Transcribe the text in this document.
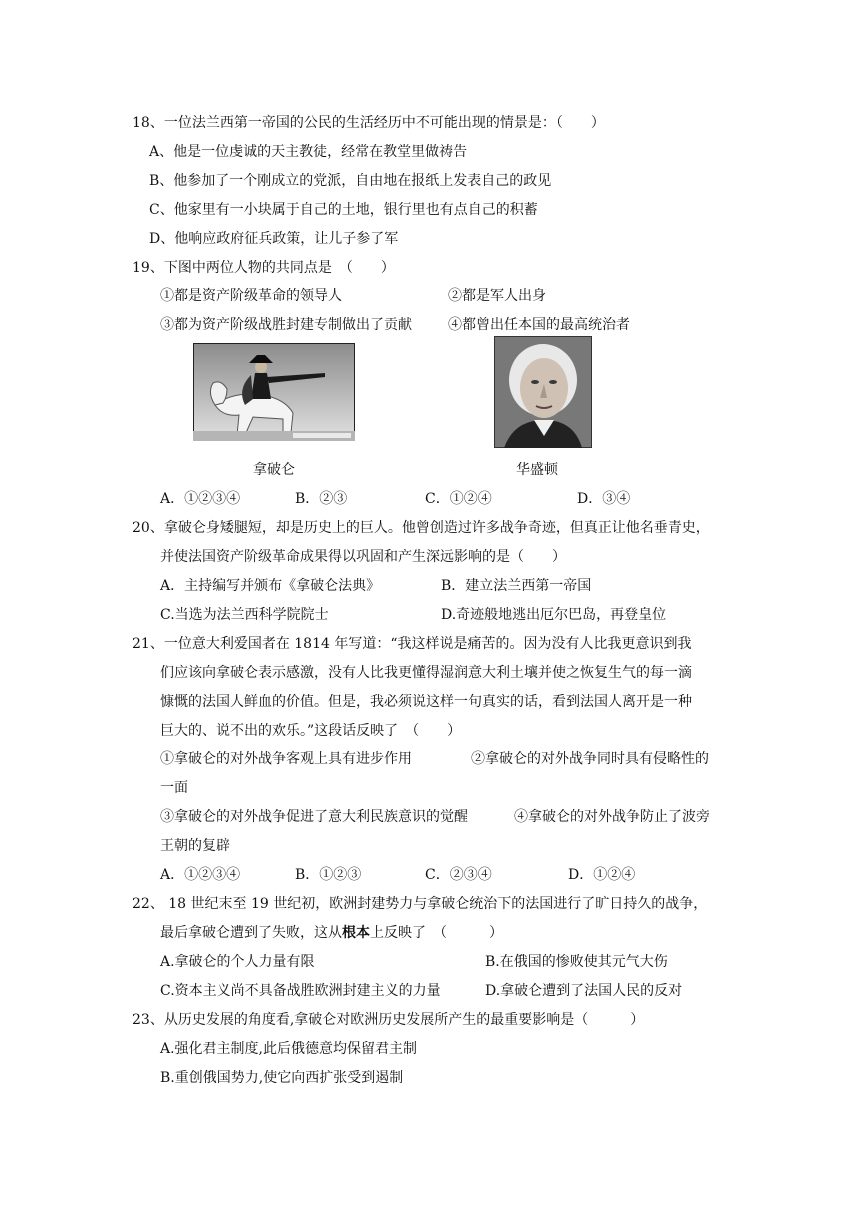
18、一位法兰西第一帝国的公民的生活经历中不可能出现的情景是：（　　）
A、他是一位虔诚的天主教徒，经常在教堂里做祷告
B、他参加了一个刚成立的党派，自由地在报纸上发表自己的政见
C、他家里有一小块属于自己的土地，银行里也有点自己的积蓄
D、他响应政府征兵政策，让儿子参了军
19、下图中两位人物的共同点是　（　　）
①都是资产阶级革命的领导人	②都是军人出身
③都为资产阶级战胜封建专制做出了贡献	④都曾出任本国的最高统治者
拿破仑	华盛顿
A．①②③④	B．②③	C．①②④	D．③④
20、拿破仑身矮腿短，却是历史上的巨人。他曾创造过许多战争奇迹，但真正让他名垂青史，
并使法国资产阶级革命成果得以巩固和产生深远影响的是（　　）
A．主持编写并颁布《拿破仑法典》	B．建立法兰西第一帝国
C.当选为法兰西科学院院士	D.奇迹般地逃出厄尔巴岛，再登皇位
21、一位意大利爱国者在 1814 年写道：“我这样说是痛苦的。因为没有人比我更意识到我
们应该向拿破仑表示感激，没有人比我更懂得湿润意大利土壤并使之恢复生气的每一滴
慷慨的法国人鲜血的价值。但是，我必须说这样一句真实的话，看到法国人离开是一种
巨大的、说不出的欢乐。”这段话反映了　（　　）
①拿破仑的对外战争客观上具有进步作用	②拿破仑的对外战争同时具有侵略性的
一面
③拿破仑的对外战争促进了意大利民族意识的觉醒	④拿破仑的对外战争防止了波旁
王朝的复辟
A．①②③④	B．①②③	C．②③④	D．①②④
22、 18 世纪末至 19 世纪初，欧洲封建势力与拿破仑统治下的法国进行了旷日持久的战争，
最后拿破仑遭到了失败，这从根本上反映了　（　　　）
A.拿破仑的个人力量有限	B.在俄国的惨败使其元气大伤
C.资本主义尚不具备战胜欧洲封建主义的力量	D.拿破仑遭到了法国人民的反对
23、从历史发展的角度看,拿破仑对欧洲历史发展所产生的最重要影响是（　　　）
A.强化君主制度,此后俄德意均保留君主制
B.重创俄国势力,使它向西扩张受到遏制
